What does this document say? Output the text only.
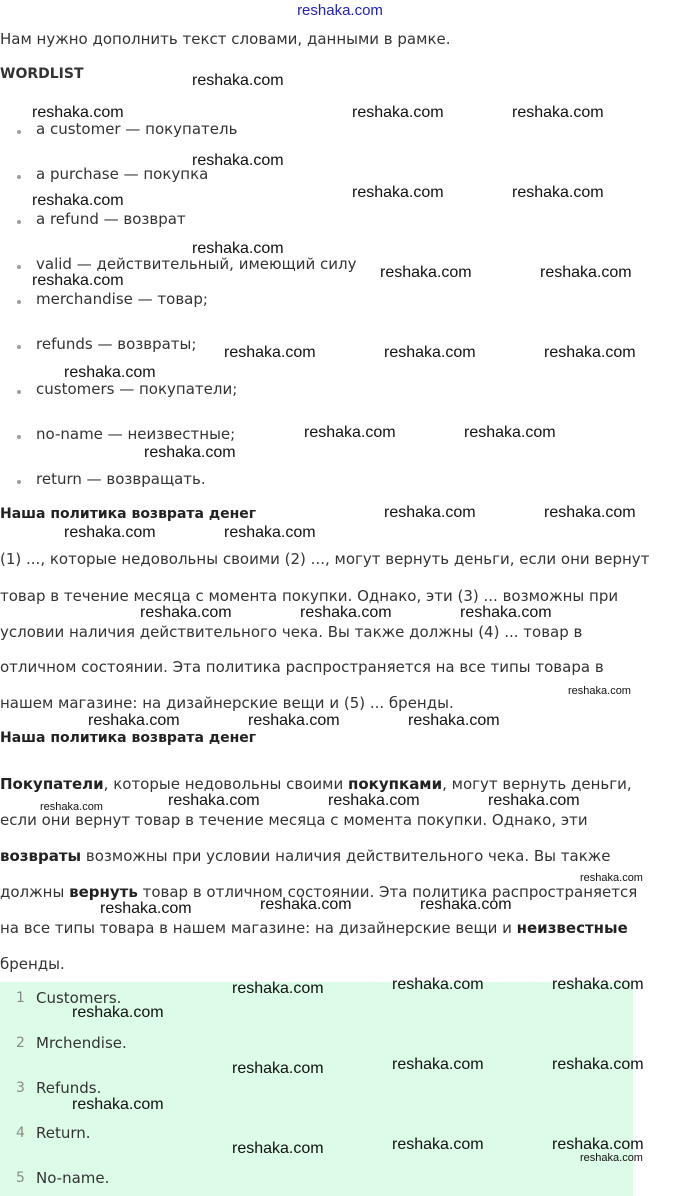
reshaka.com
Нам нужно дополнить текст словами, данными в рамке.
WORDLIST
a customer — покупатель
a purchase — покупка
a refund — возврат
valid — действительный, имеющий силу
merchandise — товар;
refunds — возвраты;
customers — покупатели;
no-name — неизвестные;
return — возвращать.
Наша политика возврата денег
(1) ..., которые недовольны своими (2) ..., могут вернуть деньги, если они вернут
товар в течение месяца с момента покупки. Однако, эти (3) ... возможны при
условии наличия действительного чека. Вы также должны (4) ... товар в
отличном состоянии. Эта политика распространяется на все типы товара в
нашем магазине: на дизайнерские вещи и (5) ... бренды.
Наша политика возврата денег
Покупатели, которые недовольны своими покупками, могут вернуть деньги,
если они вернут товар в течение месяца с момента покупки. Однако, эти
возвраты возможны при условии наличия действительного чека. Вы также
должны вернуть товар в отличном состоянии. Эта политика распространяется
на все типы товара в нашем магазине: на дизайнерские вещи и неизвестные
бренды.
1 Customers.
2 Mrchendise.
3 Refunds.
4 Return.
5 No-name.
reshaka.com
reshaka.com	reshaka.com	reshaka.com
reshaka.com
reshaka.com	reshaka.com	reshaka.com
reshaka.com
reshaka.com	reshaka.com	reshaka.com
reshaka.com	reshaka.com	reshaka.com
reshaka.com
reshaka.com	reshaka.com
reshaka.com
reshaka.com	reshaka.com
reshaka.com	reshaka.com
reshaka.com	reshaka.com	reshaka.com
reshaka.com
reshaka.com	reshaka.com	reshaka.com
reshaka.com	reshaka.com	reshaka.com
reshaka.com
reshaka.com
reshaka.com	reshaka.com	reshaka.com
reshaka.com	reshaka.com	reshaka.com
reshaka.com
reshaka.com	reshaka.com	reshaka.com
reshaka.com
reshaka.com	reshaka.com	reshaka.com
reshaka.com
